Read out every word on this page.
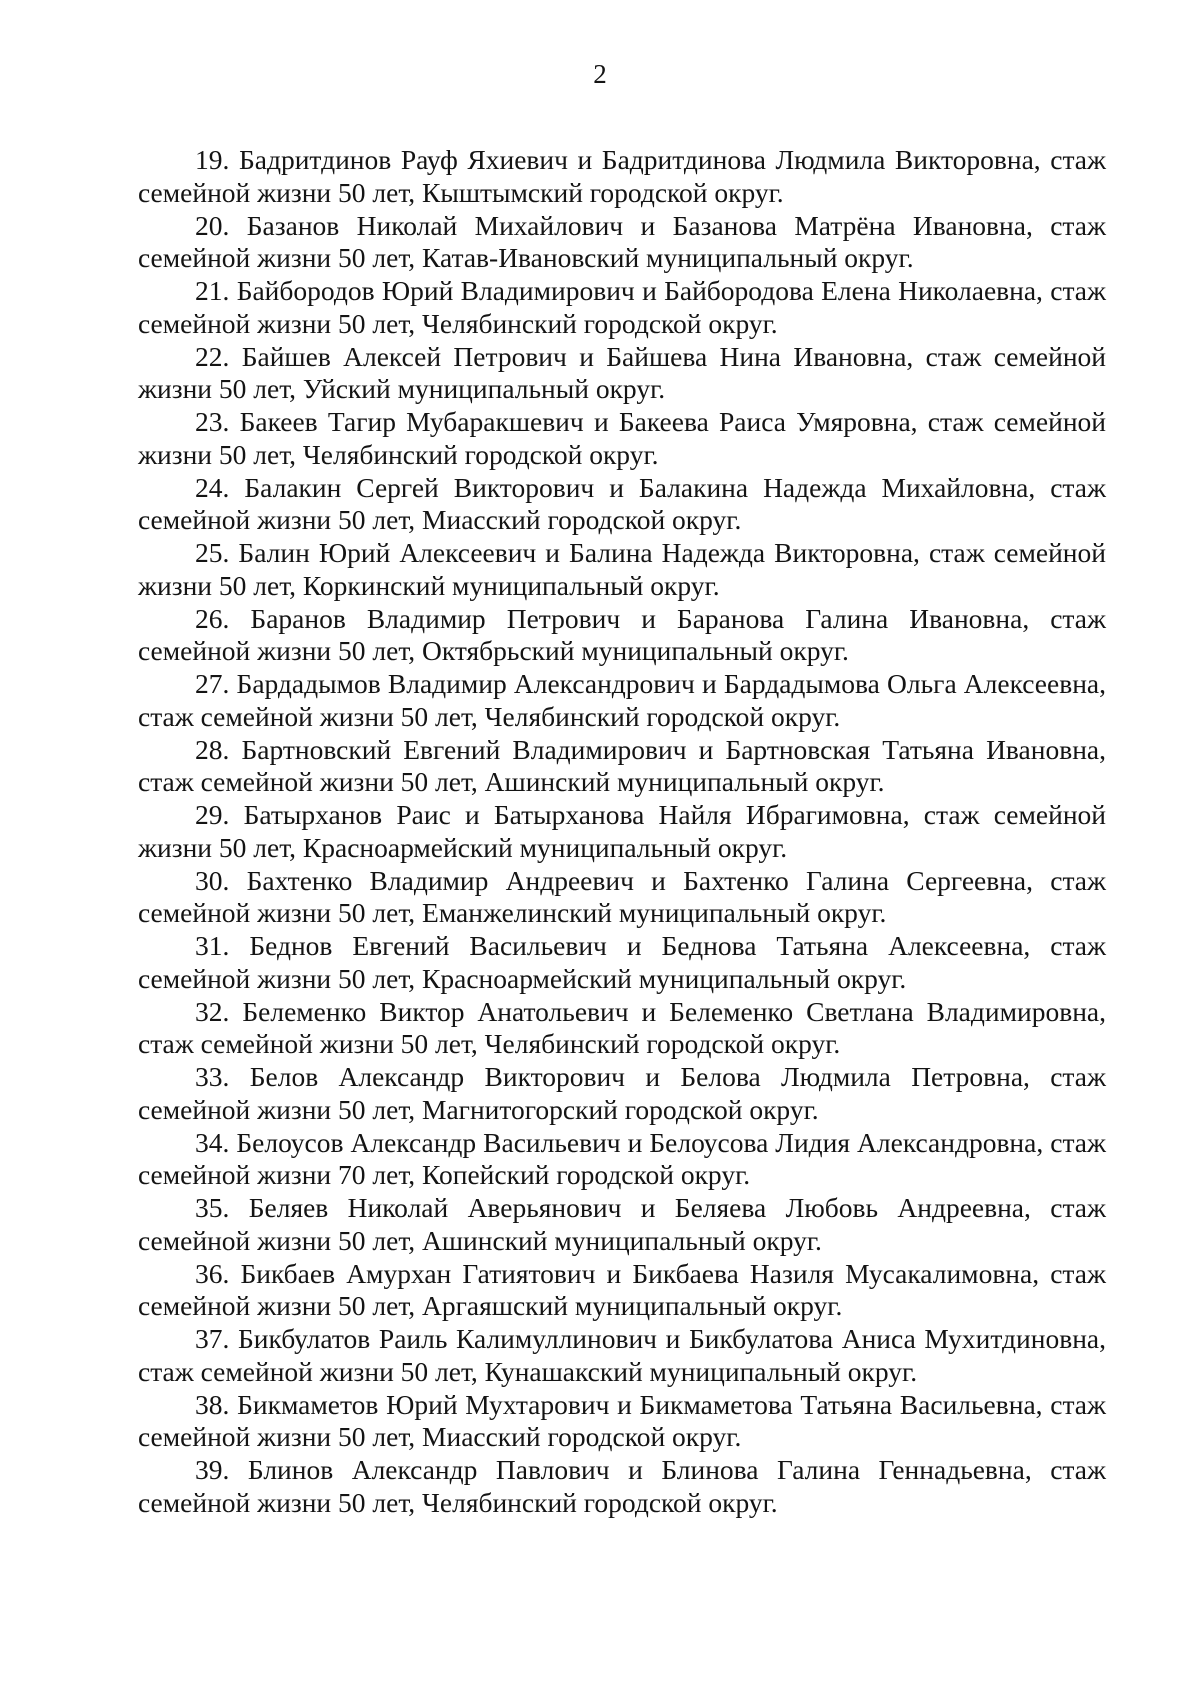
2
19. Бадритдинов Рауф Яхиевич и Бадритдинова Людмила Викторовна, стаж семейной жизни 50 лет, Кыштымский городской округ.
20. Базанов Николай Михайлович и Базанова Матрёна Ивановна, стаж семейной жизни 50 лет, Катав-Ивановский муниципальный округ.
21. Байбородов Юрий Владимирович и Байбородова Елена Николаевна, стаж семейной жизни 50 лет, Челябинский городской округ.
22. Байшев Алексей Петрович и Байшева Нина Ивановна, стаж семейной жизни 50 лет, Уйский муниципальный округ.
23. Бакеев Тагир Мубаракшевич и Бакеева Раиса Умяровна, стаж семейной жизни 50 лет, Челябинский городской округ.
24. Балакин Сергей Викторович и Балакина Надежда Михайловна, стаж семейной жизни 50 лет, Миасский городской округ.
25. Балин Юрий Алексеевич и Балина Надежда Викторовна, стаж семейной жизни 50 лет, Коркинский муниципальный округ.
26. Баранов Владимир Петрович и Баранова Галина Ивановна, стаж семейной жизни 50 лет, Октябрьский муниципальный округ.
27. Бардадымов Владимир Александрович и Бардадымова Ольга Алексеевна, стаж семейной жизни 50 лет, Челябинский городской округ.
28. Бартновский Евгений Владимирович и Бартновская Татьяна Ивановна, стаж семейной жизни 50 лет, Ашинский муниципальный округ.
29. Батырханов Раис и Батырханова Найля Ибрагимовна, стаж семейной жизни 50 лет, Красноармейский муниципальный округ.
30. Бахтенко Владимир Андреевич и Бахтенко Галина Сергеевна, стаж семейной жизни 50 лет, Еманжелинский муниципальный округ.
31. Беднов Евгений Васильевич и Беднова Татьяна Алексеевна, стаж семейной жизни 50 лет, Красноармейский муниципальный округ.
32. Белеменко Виктор Анатольевич и Белеменко Светлана Владимировна, стаж семейной жизни 50 лет, Челябинский городской округ.
33. Белов Александр Викторович и Белова Людмила Петровна, стаж семейной жизни 50 лет, Магнитогорский городской округ.
34. Белоусов Александр Васильевич и Белоусова Лидия Александровна, стаж семейной жизни 70 лет, Копейский городской округ.
35. Беляев Николай Аверьянович и Беляева Любовь Андреевна, стаж семейной жизни 50 лет, Ашинский муниципальный округ.
36. Бикбаев Амурхан Гатиятович и Бикбаева Назиля Мусакалимовна, стаж семейной жизни 50 лет, Аргаяшский муниципальный округ.
37. Бикбулатов Раиль Калимуллинович и Бикбулатова Аниса Мухитдиновна, стаж семейной жизни 50 лет, Кунашакский муниципальный округ.
38. Бикмаметов Юрий Мухтарович и Бикмаметова Татьяна Васильевна, стаж семейной жизни 50 лет, Миасский городской округ.
39. Блинов Александр Павлович и Блинова Галина Геннадьевна, стаж семейной жизни 50 лет, Челябинский городской округ.
